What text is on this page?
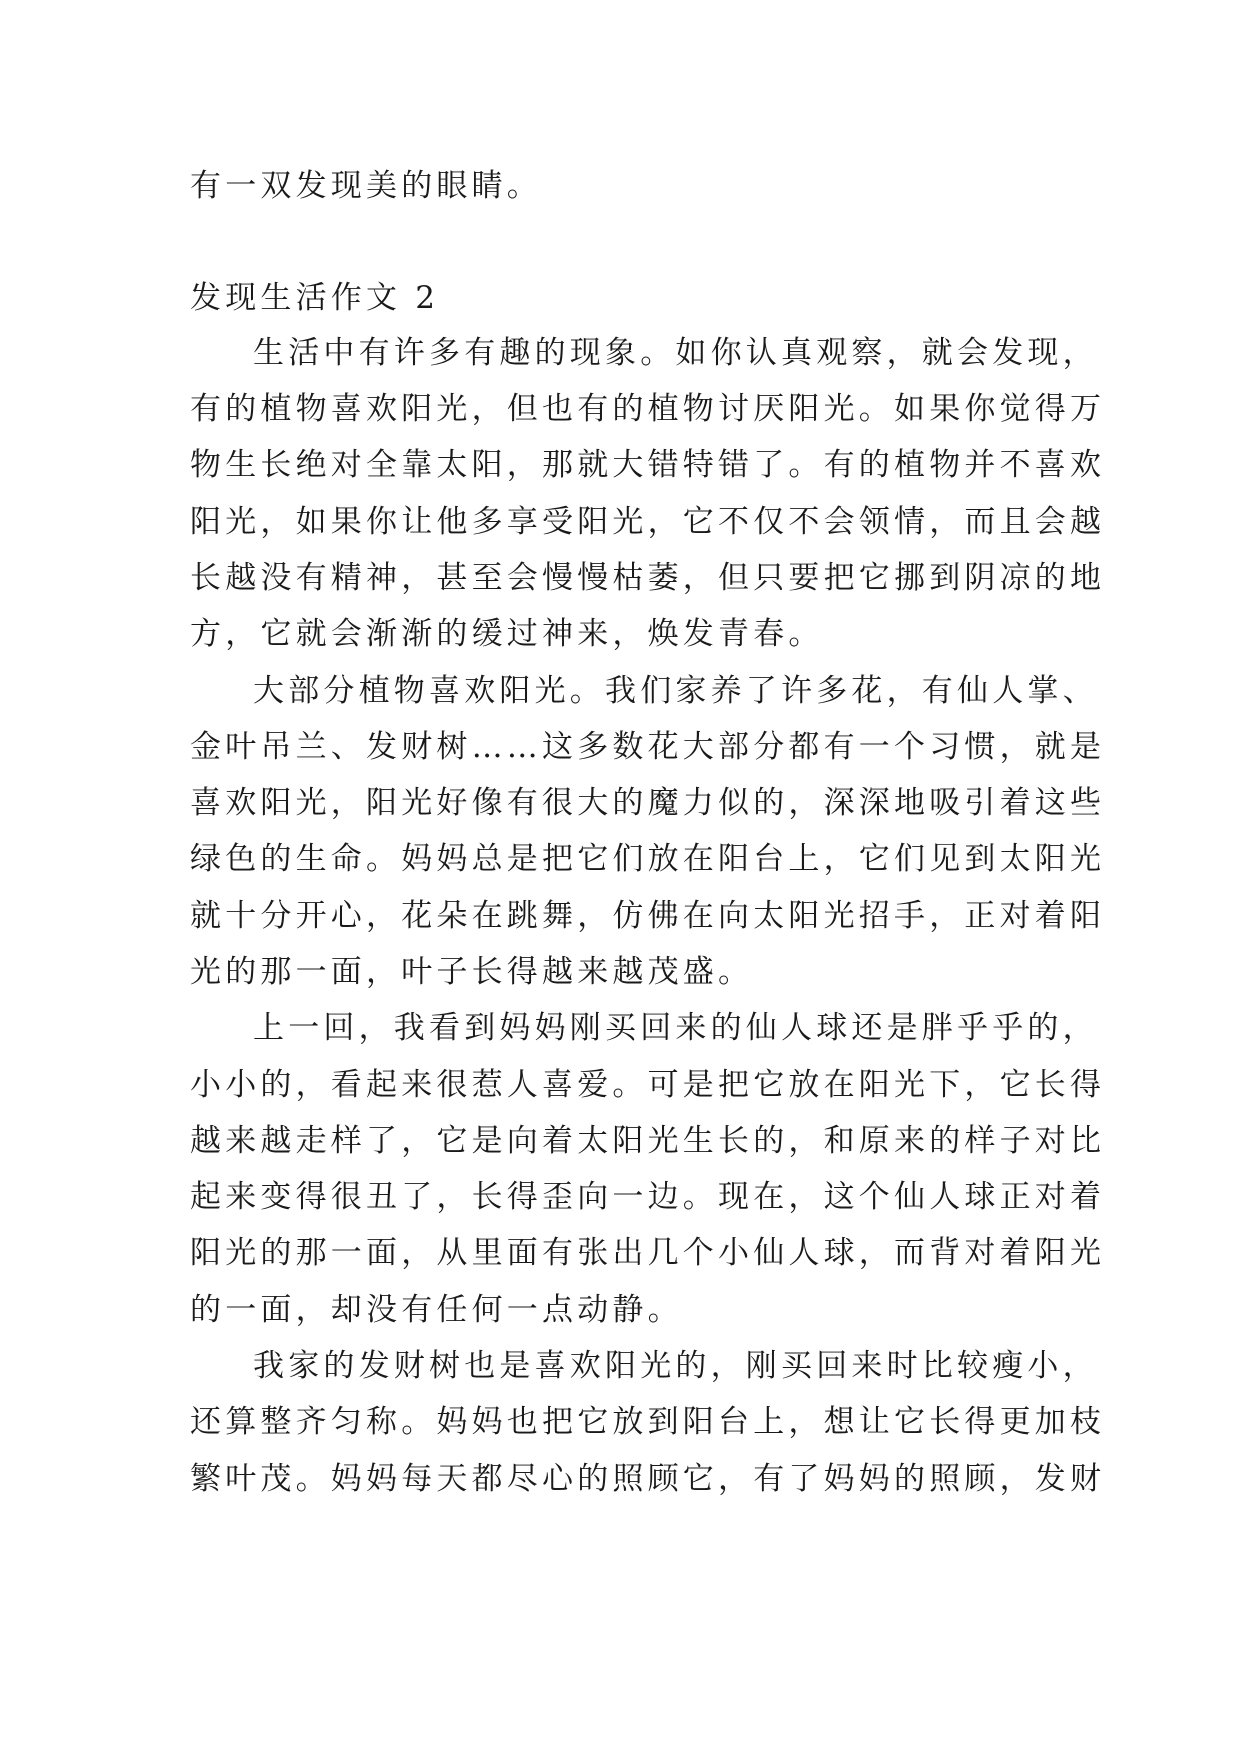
有一双发现美的眼睛。
发现生活作文 2
生活中有许多有趣的现象。如你认真观察，就会发现，
有的植物喜欢阳光，但也有的植物讨厌阳光。如果你觉得万
物生长绝对全靠太阳，那就大错特错了。有的植物并不喜欢
阳光，如果你让他多享受阳光，它不仅不会领情，而且会越
长越没有精神，甚至会慢慢枯萎，但只要把它挪到阴凉的地
方，它就会渐渐的缓过神来，焕发青春。
大部分植物喜欢阳光。我们家养了许多花，有仙人掌、
金叶吊兰、发财树……这多数花大部分都有一个习惯，就是
喜欢阳光，阳光好像有很大的魔力似的，深深地吸引着这些
绿色的生命。妈妈总是把它们放在阳台上，它们见到太阳光
就十分开心，花朵在跳舞，仿佛在向太阳光招手，正对着阳
光的那一面，叶子长得越来越茂盛。
上一回，我看到妈妈刚买回来的仙人球还是胖乎乎的，
小小的，看起来很惹人喜爱。可是把它放在阳光下，它长得
越来越走样了，它是向着太阳光生长的，和原来的样子对比
起来变得很丑了，长得歪向一边。现在，这个仙人球正对着
阳光的那一面，从里面有张出几个小仙人球，而背对着阳光
的一面，却没有任何一点动静。
我家的发财树也是喜欢阳光的，刚买回来时比较瘦小，
还算整齐匀称。妈妈也把它放到阳台上，想让它长得更加枝
繁叶茂。妈妈每天都尽心的照顾它，有了妈妈的照顾，发财
